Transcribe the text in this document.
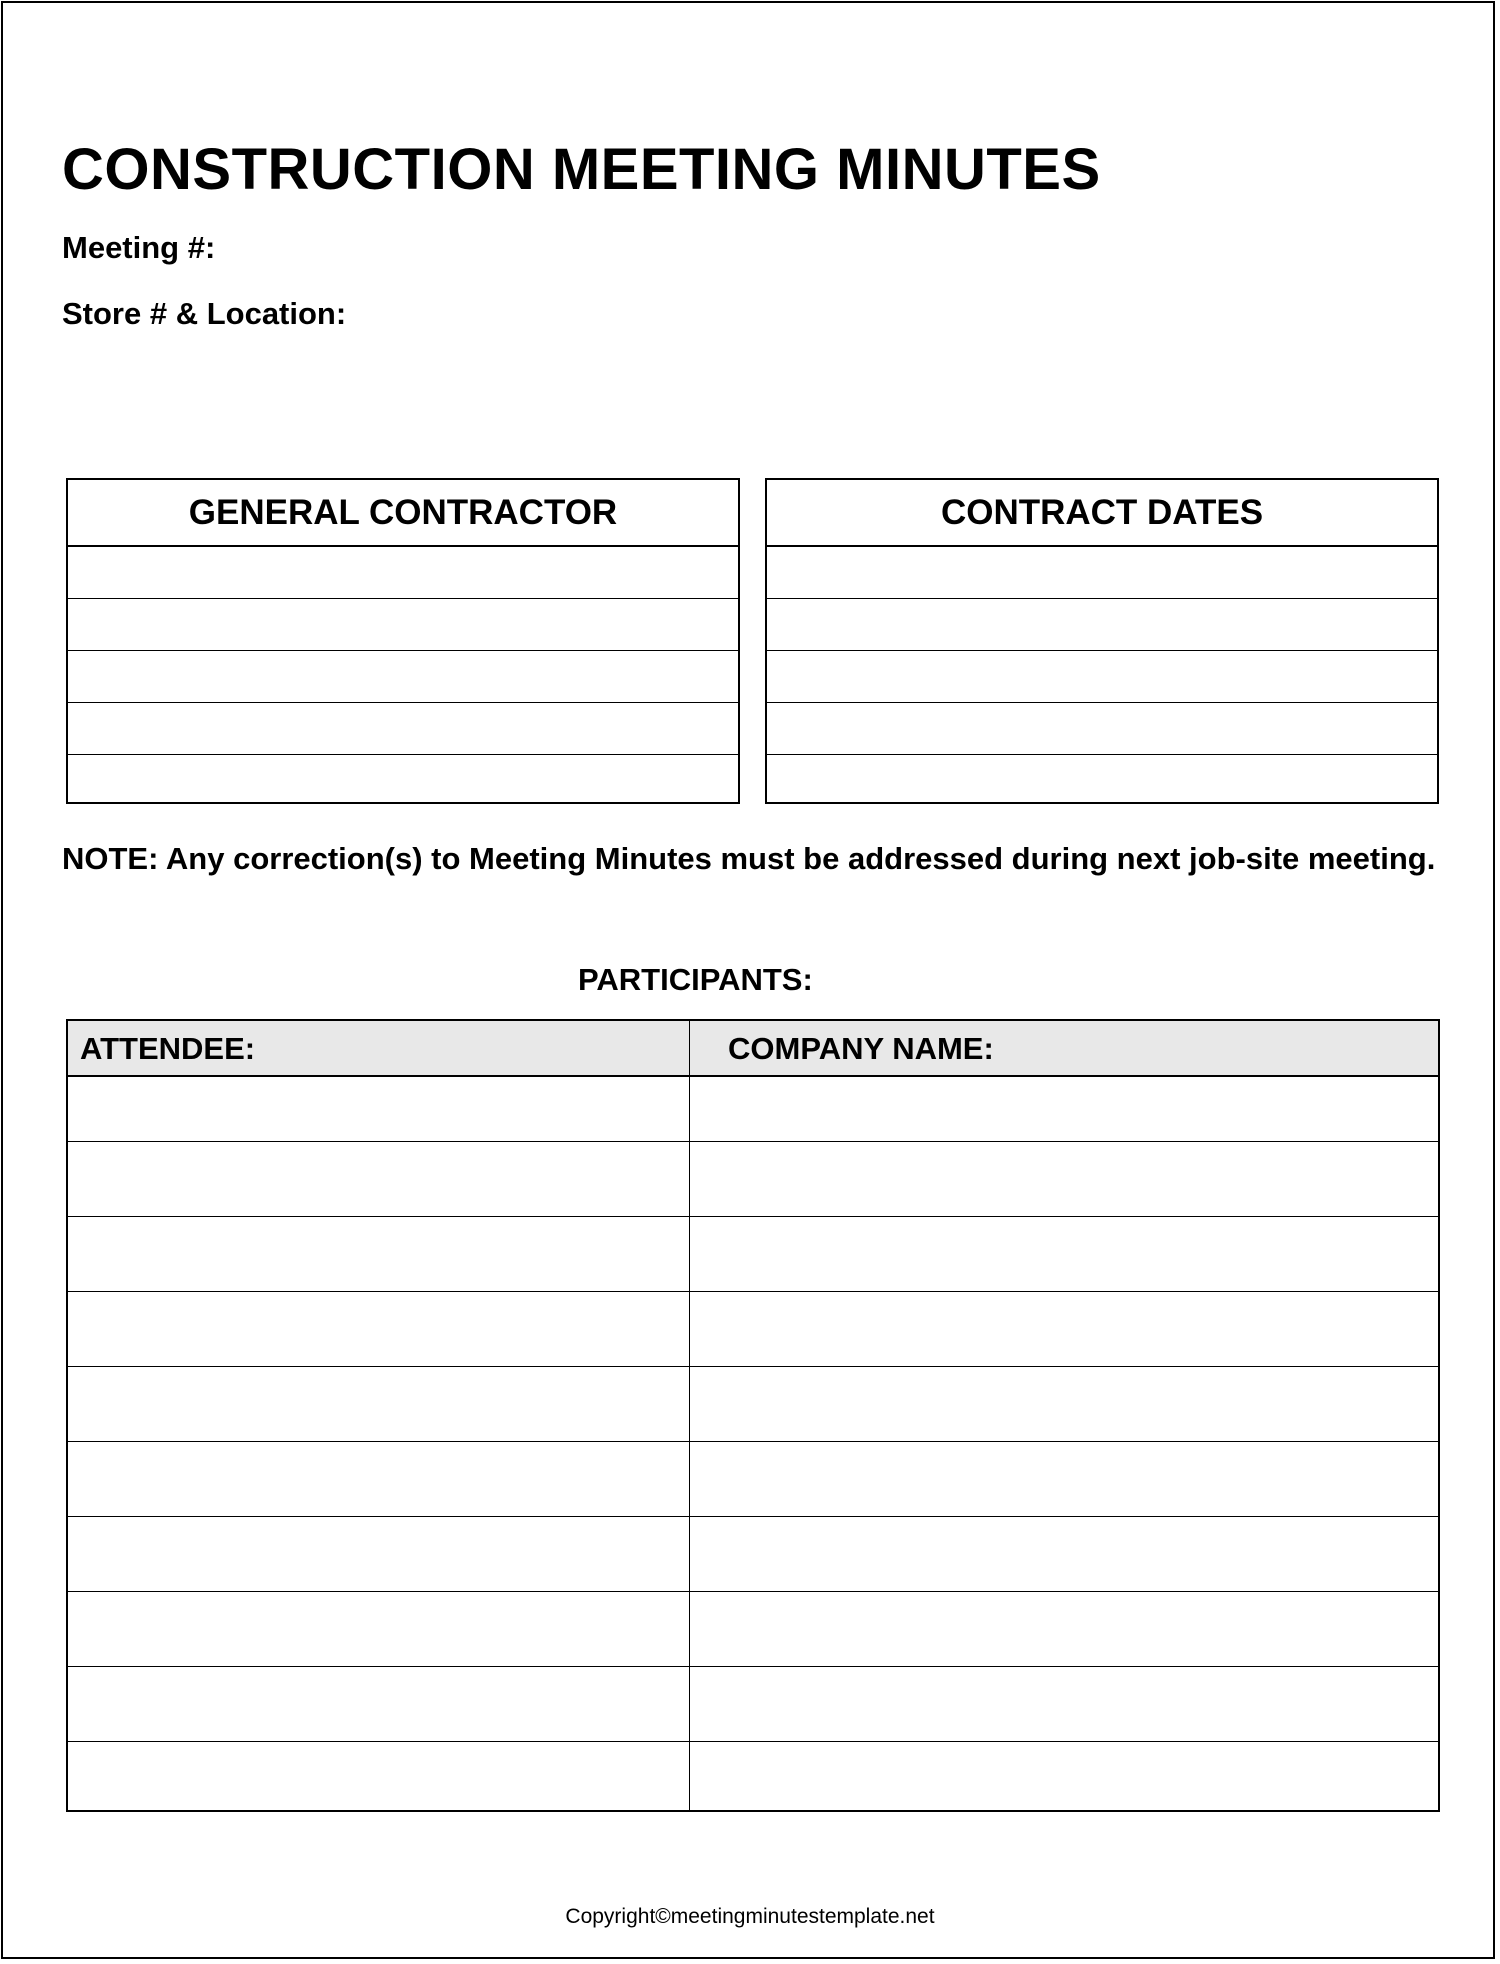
CONSTRUCTION MEETING MINUTES
Meeting #:
Store # & Location:
GENERAL CONTRACTOR	CONTRACT DATES
NOTE: Any correction(s) to Meeting Minutes must be addressed during next job-site meeting.
PARTICIPANTS:
ATTENDEE:	COMPANY NAME:
Copyright©meetingminutestemplate.net
